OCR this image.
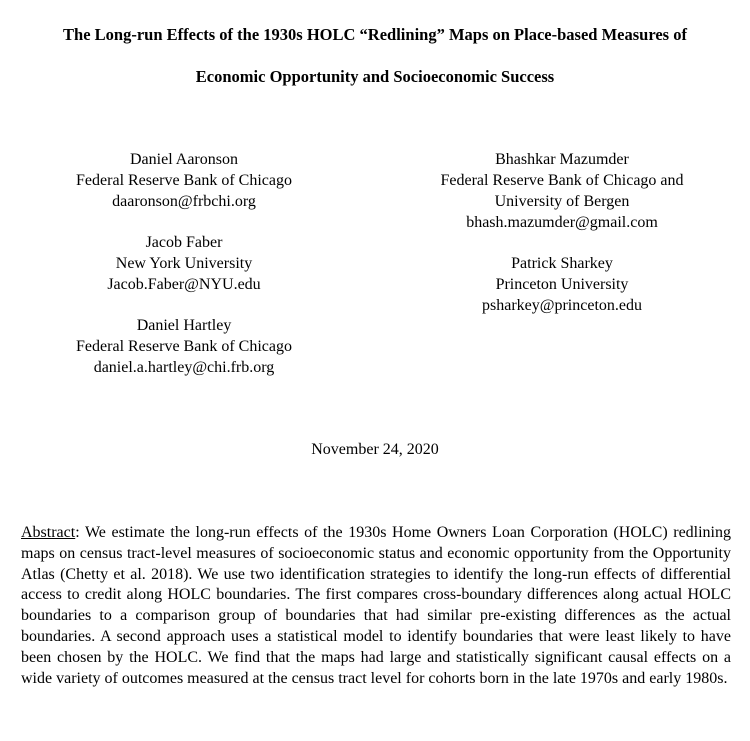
The Long-run Effects of the 1930s HOLC “Redlining” Maps on Place-based Measures of
Economic Opportunity and Socioeconomic Success
Daniel Aaronson
Federal Reserve Bank of Chicago
daaronson@frbchi.org
Jacob Faber
New York University
Jacob.Faber@NYU.edu
Daniel Hartley
Federal Reserve Bank of Chicago
daniel.a.hartley@chi.frb.org
Bhashkar Mazumder
Federal Reserve Bank of Chicago and
University of Bergen
bhash.mazumder@gmail.com
Patrick Sharkey
Princeton University
psharkey@princeton.edu
November 24, 2020
Abstract: We estimate the long-run effects of the 1930s Home Owners Loan Corporation (HOLC) redlining maps on census tract-level measures of socioeconomic status and economic opportunity from the Opportunity Atlas (Chetty et al. 2018). We use two identification strategies to identify the long-run effects of differential access to credit along HOLC boundaries. The first compares cross-boundary differences along actual HOLC boundaries to a comparison group of boundaries that had similar pre-existing differences as the actual boundaries. A second approach uses a statistical model to identify boundaries that were least likely to have been chosen by the HOLC. We find that the maps had large and statistically significant causal effects on a wide variety of outcomes measured at the census tract level for cohorts born in the late 1970s and early 1980s.
